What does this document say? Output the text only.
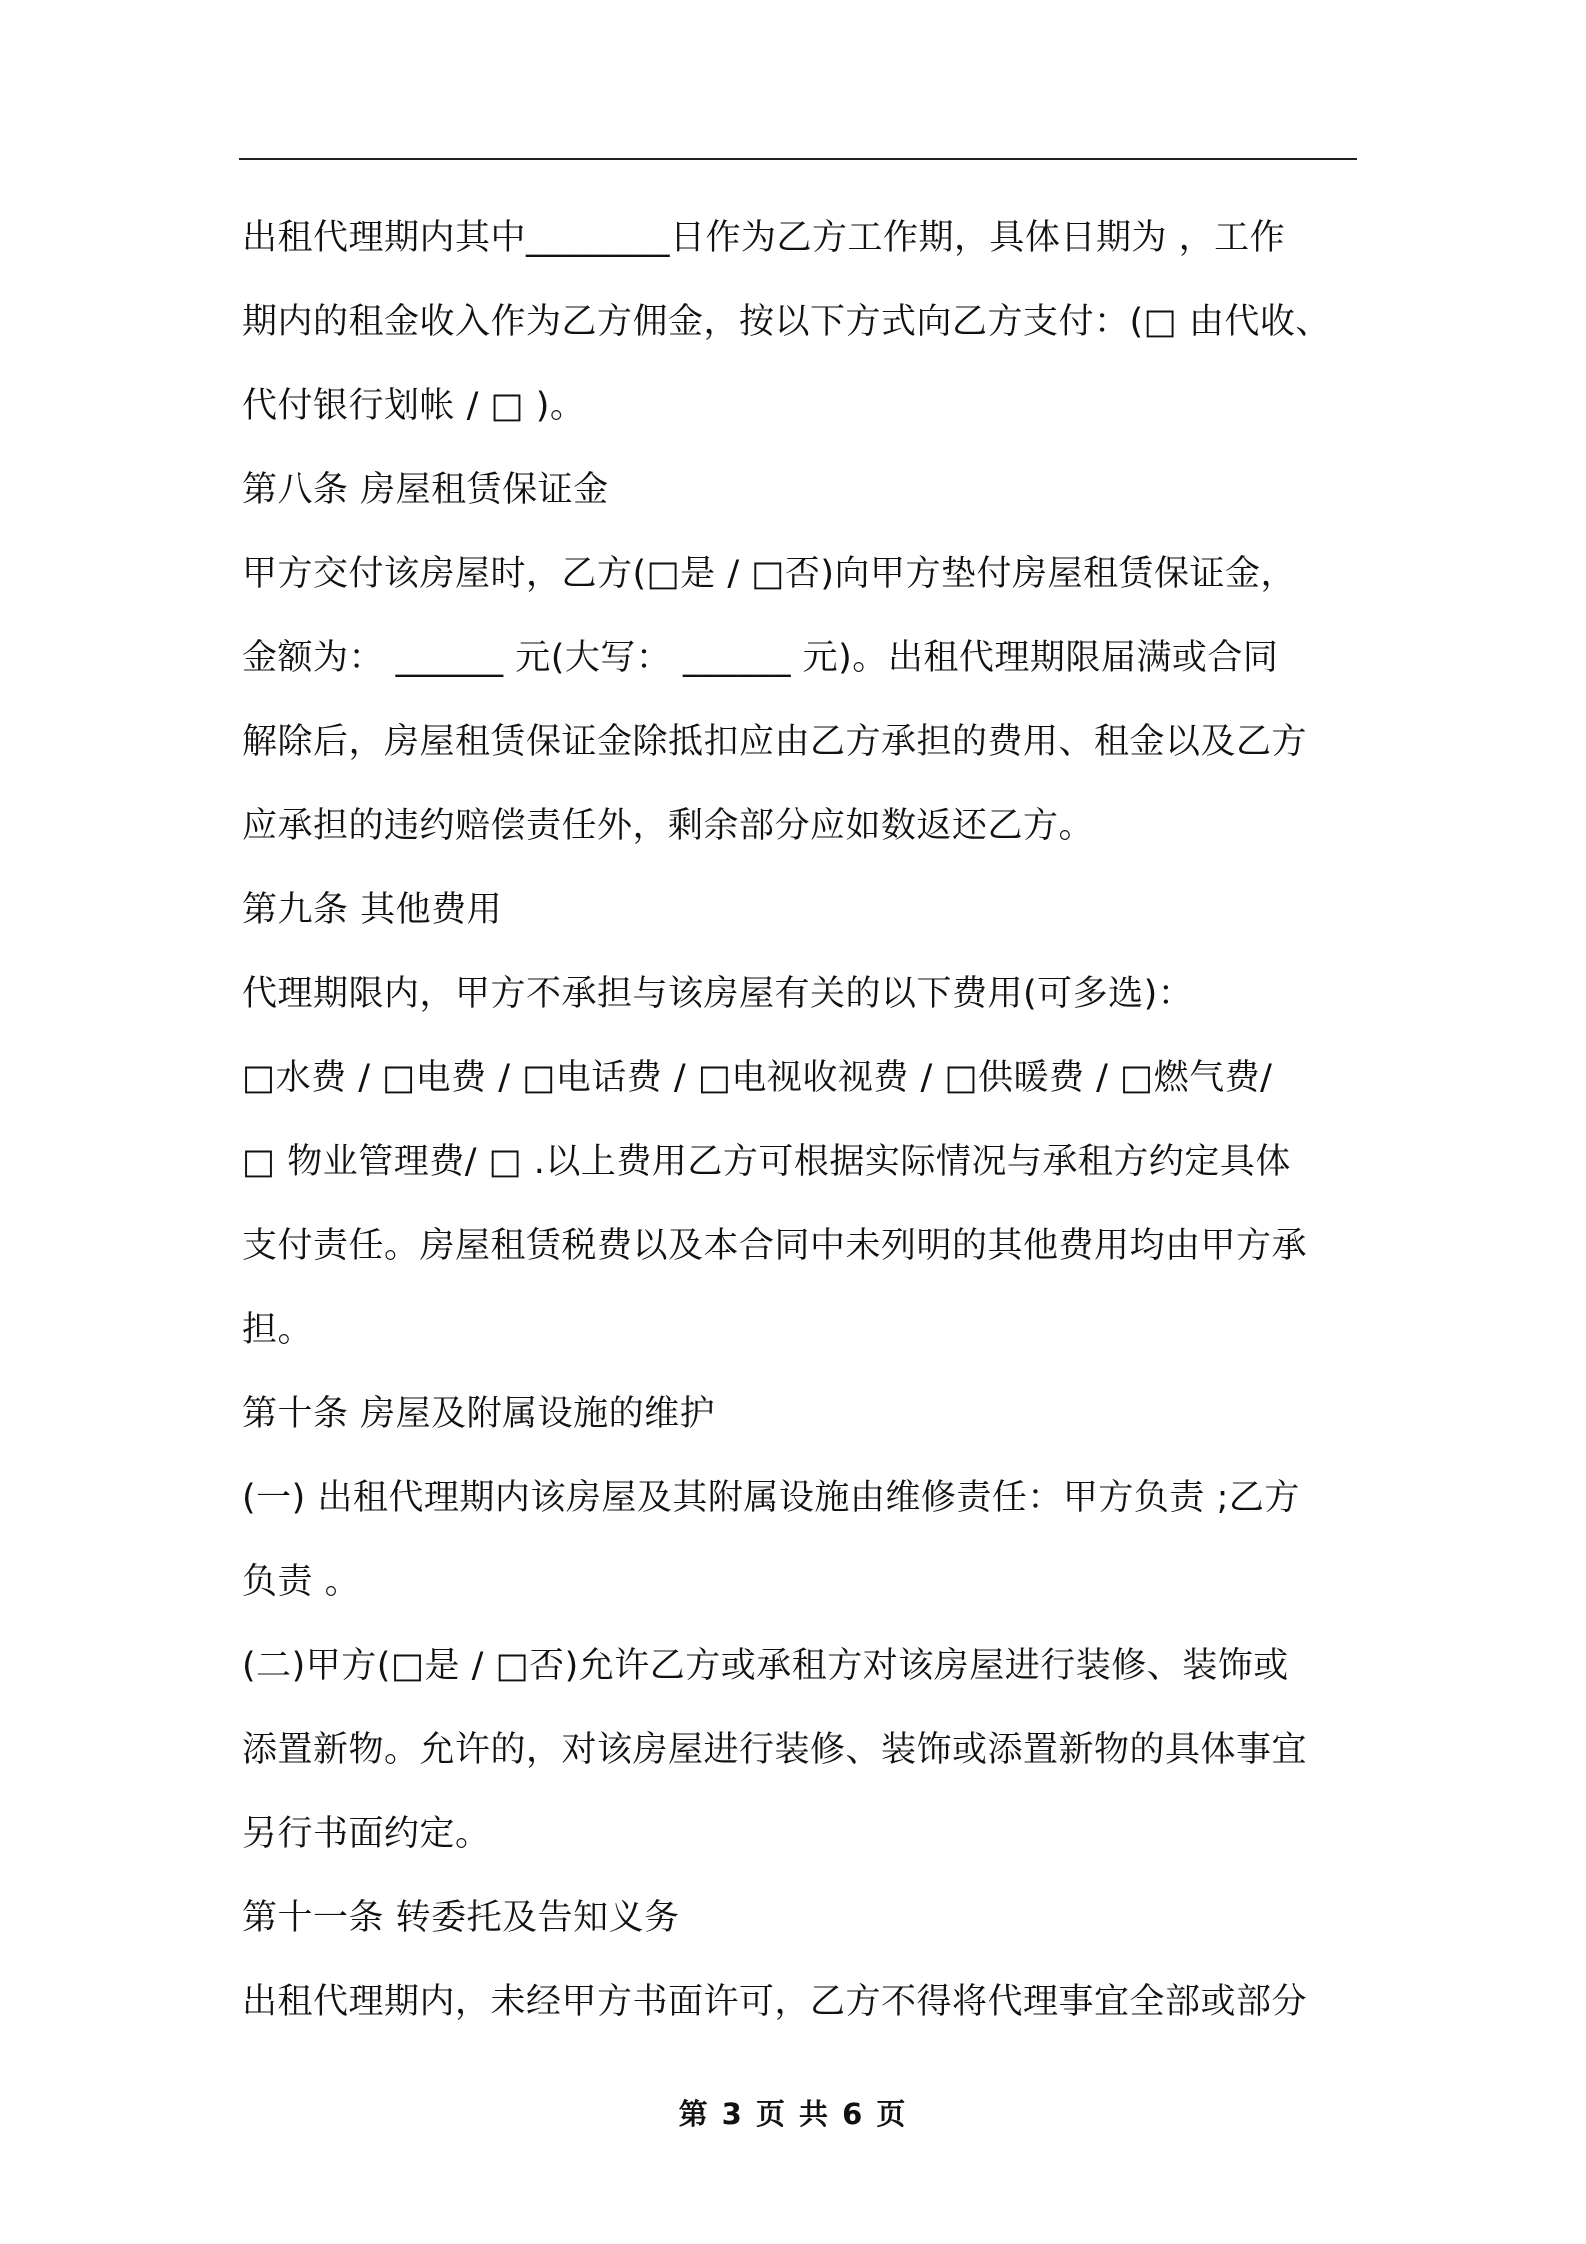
出租代理期内其中________日作为乙方工作期，具体日期为 ，工作
期内的租金收入作为乙方佣金，按以下方式向乙方支付：(□ 由代收、
代付银行划帐 / □ )。
第八条 房屋租赁保证金
甲方交付该房屋时，乙方(□是 / □否)向甲方垫付房屋租赁保证金，
金额为： ______ 元(大写： ______ 元)。出租代理期限届满或合同
解除后，房屋租赁保证金除抵扣应由乙方承担的费用、租金以及乙方
应承担的违约赔偿责任外，剩余部分应如数返还乙方。
第九条 其他费用
代理期限内，甲方不承担与该房屋有关的以下费用(可多选)：
□水费 / □电费 / □电话费 / □电视收视费 / □供暖费 / □燃气费/
□ 物业管理费/ □ .以上费用乙方可根据实际情况与承租方约定具体
支付责任。房屋租赁税费以及本合同中未列明的其他费用均由甲方承
担。
第十条 房屋及附属设施的维护
(一) 出租代理期内该房屋及其附属设施由维修责任：甲方负责 ;乙方
负责 。
(二)甲方(□是 / □否)允许乙方或承租方对该房屋进行装修、装饰或
添置新物。允许的，对该房屋进行装修、装饰或添置新物的具体事宜
另行书面约定。
第十一条 转委托及告知义务
出租代理期内，未经甲方书面许可，乙方不得将代理事宜全部或部分
第 3 页 共 6 页
